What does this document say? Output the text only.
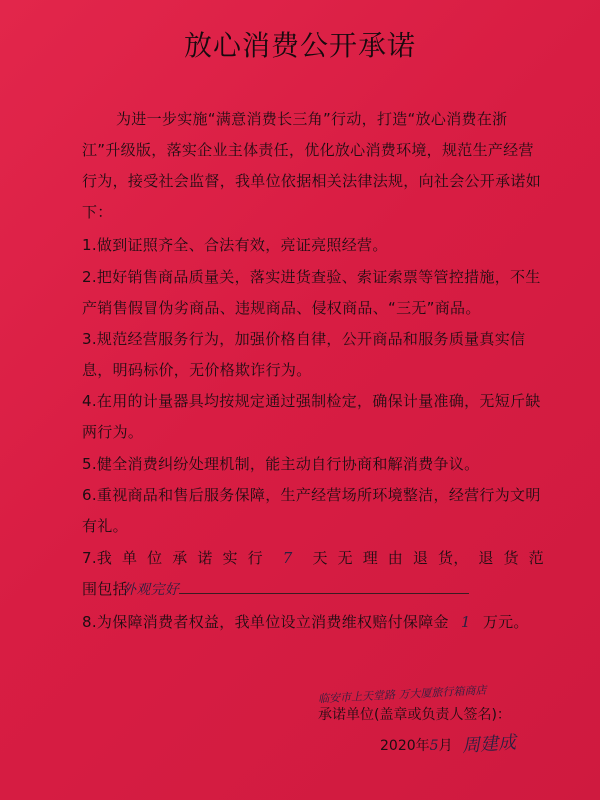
放心消费公开承诺
为进一步实施“满意消费长三角”行动，打造“放心消费在浙江”升级版，落实企业主体责任，优化放心消费环境，规范生产经营行为，接受社会监督，我单位依据相关法律法规，向社会公开承诺如下：
1.做到证照齐全、合法有效，亮证亮照经营。
2.把好销售商品质量关，落实进货查验、索证索票等管控措施，不生产销售假冒伪劣商品、违规商品、侵权商品、“三无”商品。
3.规范经营服务行为，加强价格自律，公开商品和服务质量真实信息，明码标价，无价格欺诈行为。
4.在用的计量器具均按规定通过强制检定，确保计量准确，无短斤缺两行为。
5.健全消费纠纷处理机制，能主动自行协商和解消费争议。
6.重视商品和售后服务保障，生产经营场所环境整洁，经营行为文明有礼。
7.我 单 位 承 诺 实 行	7	天 无 理 由 退 货， 退 货 范
围包括外观完好
8.为保障消费者权益，我单位设立消费维权赔付保障金 1 万元。
临安市上天堂路 万大厦旅行箱商店
承诺单位(盖章或负责人签名)：
2020年5月 周建成
